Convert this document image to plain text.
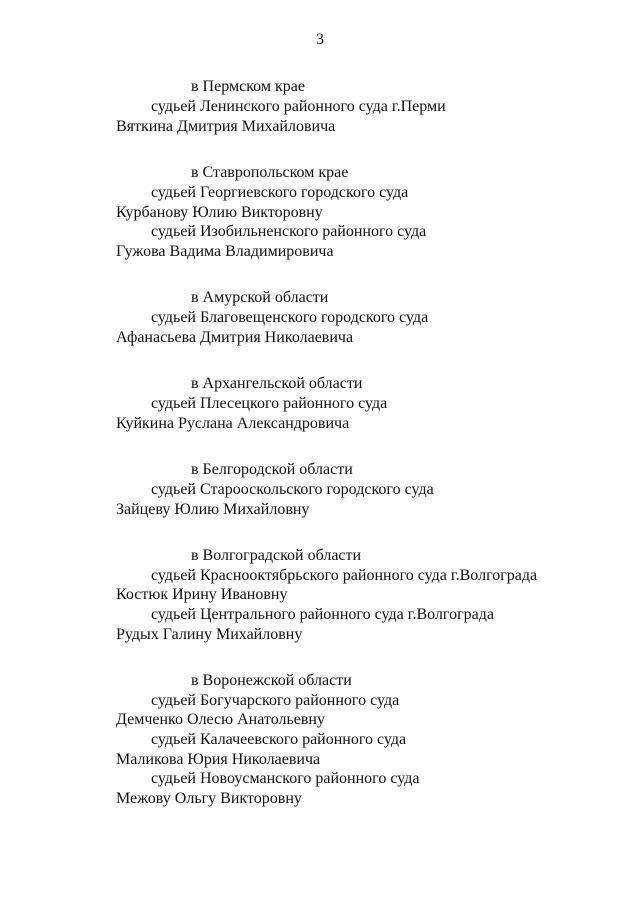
3
в Пермском крае
судьей Ленинского районного суда г.Перми
Вяткина Дмитрия Михайловича
в Ставропольском крае
судьей Георгиевского городского суда
Курбанову Юлию Викторовну
судьей Изобильненского районного суда
Гужова Вадима Владимировича
в Амурской области
судьей Благовещенского городского суда
Афанасьева Дмитрия Николаевича
в Архангельской области
судьей Плесецкого районного суда
Куйкина Руслана Александровича
в Белгородской области
судьей Старооскольского городского суда
Зайцеву Юлию Михайловну
в Волгоградской области
судьей Краснооктябрьского районного суда г.Волгограда
Костюк Ирину Ивановну
судьей Центрального районного суда г.Волгограда
Рудых Галину Михайловну
в Воронежской области
судьей Богучарского районного суда
Демченко Олесю Анатольевну
судьей Калачеевского районного суда
Маликова Юрия Николаевича
судьей Новоусманского районного суда
Межову Ольгу Викторовну
